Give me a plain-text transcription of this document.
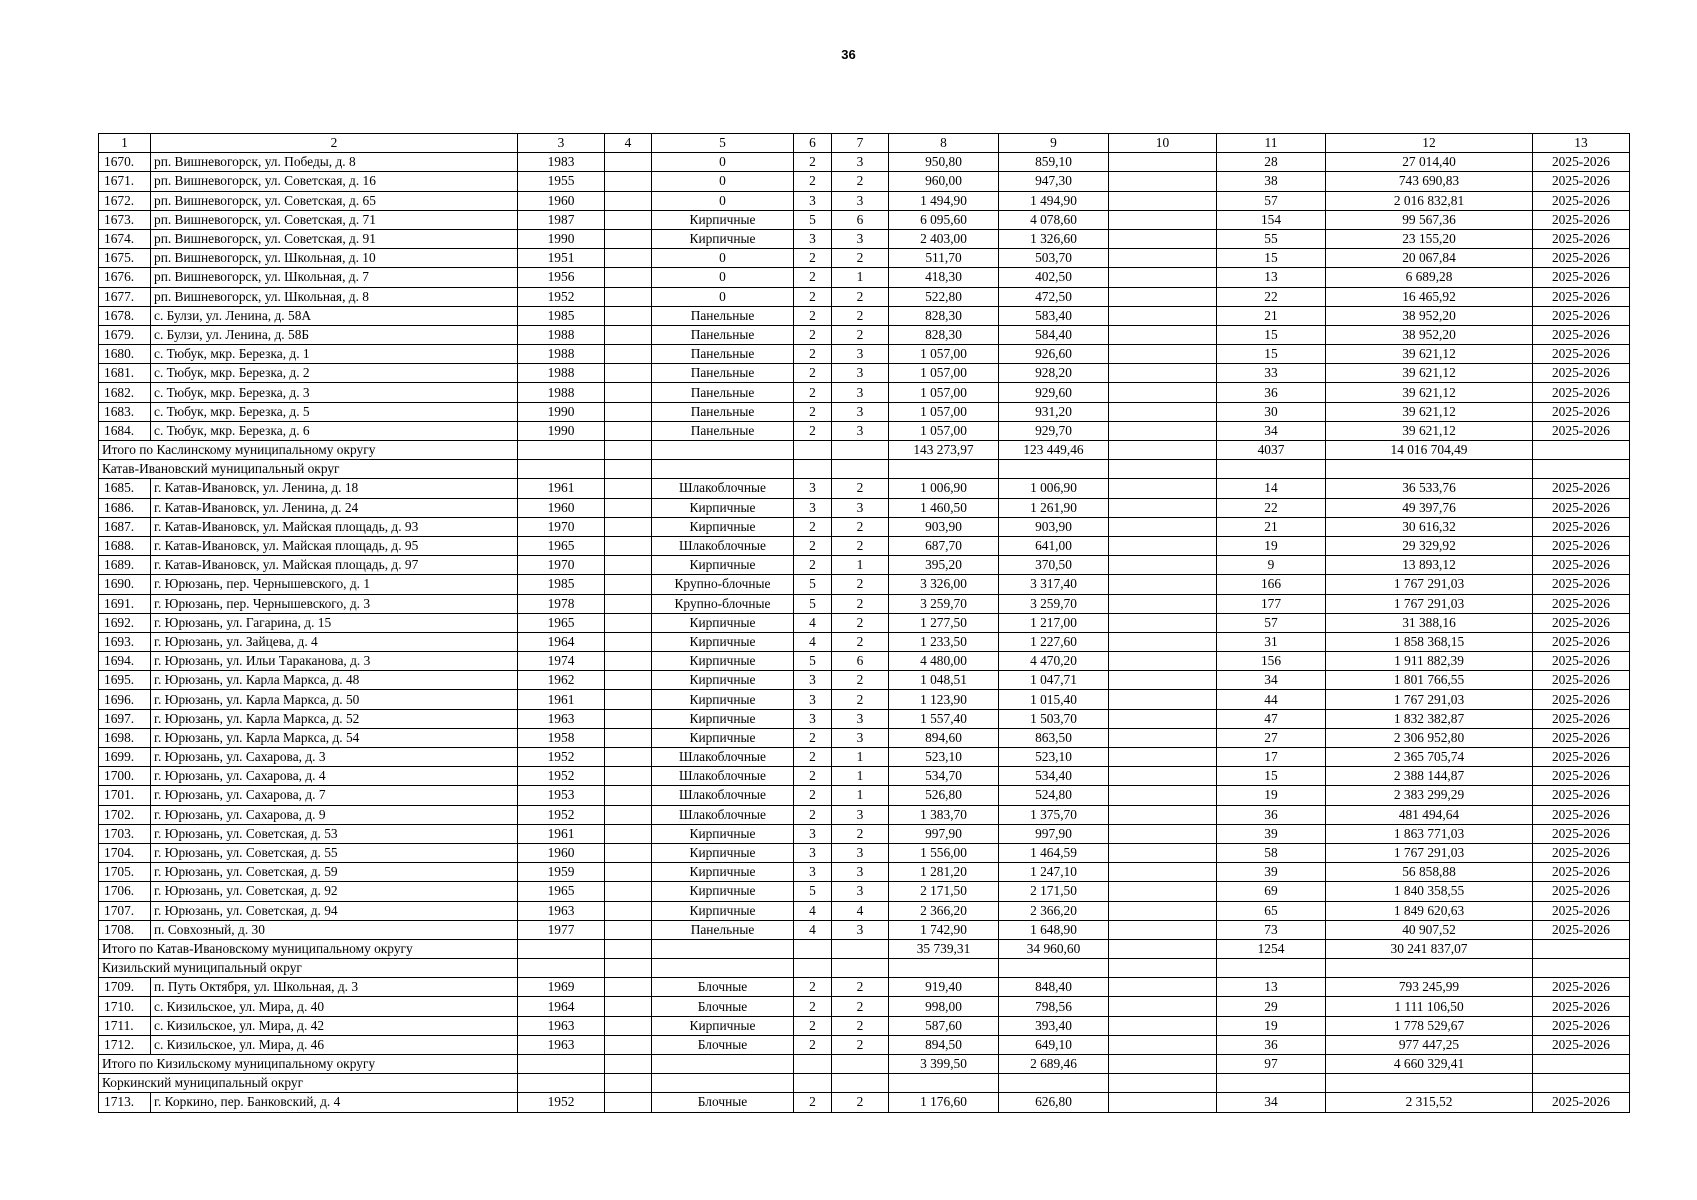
36
1	2	3	4	5	6	7	8	9	10	11	12	13
1670.	рп. Вишневогорск, ул. Победы, д. 8	1983		0	2	3	950,80	859,10		28	27 014,40	2025-2026
1671.	рп. Вишневогорск, ул. Советская, д. 16	1955		0	2	2	960,00	947,30		38	743 690,83	2025-2026
1672.	рп. Вишневогорск, ул. Советская, д. 65	1960		0	3	3	1 494,90	1 494,90		57	2 016 832,81	2025-2026
1673.	рп. Вишневогорск, ул. Советская, д. 71	1987		Кирпичные	5	6	6 095,60	4 078,60		154	99 567,36	2025-2026
1674.	рп. Вишневогорск, ул. Советская, д. 91	1990		Кирпичные	3	3	2 403,00	1 326,60		55	23 155,20	2025-2026
1675.	рп. Вишневогорск, ул. Школьная, д. 10	1951		0	2	2	511,70	503,70		15	20 067,84	2025-2026
1676.	рп. Вишневогорск, ул. Школьная, д. 7	1956		0	2	1	418,30	402,50		13	6 689,28	2025-2026
1677.	рп. Вишневогорск, ул. Школьная, д. 8	1952		0	2	2	522,80	472,50		22	16 465,92	2025-2026
1678.	с. Булзи, ул. Ленина, д. 58А	1985		Панельные	2	2	828,30	583,40		21	38 952,20	2025-2026
1679.	с. Булзи, ул. Ленина, д. 58Б	1988		Панельные	2	2	828,30	584,40		15	38 952,20	2025-2026
1680.	с. Тюбук, мкр. Березка, д. 1	1988		Панельные	2	3	1 057,00	926,60		15	39 621,12	2025-2026
1681.	с. Тюбук, мкр. Березка, д. 2	1988		Панельные	2	3	1 057,00	928,20		33	39 621,12	2025-2026
1682.	с. Тюбук, мкр. Березка, д. 3	1988		Панельные	2	3	1 057,00	929,60		36	39 621,12	2025-2026
1683.	с. Тюбук, мкр. Березка, д. 5	1990		Панельные	2	3	1 057,00	931,20		30	39 621,12	2025-2026
1684.	с. Тюбук, мкр. Березка, д. 6	1990		Панельные	2	3	1 057,00	929,70		34	39 621,12	2025-2026
Итого по Каслинскому муниципальному округу							143 273,97	123 449,46		4037	14 016 704,49	
Катав-Ивановский муниципальный округ												
1685.	г. Катав-Ивановск, ул. Ленина, д. 18	1961		Шлакоблочные	3	2	1 006,90	1 006,90		14	36 533,76	2025-2026
1686.	г. Катав-Ивановск, ул. Ленина, д. 24	1960		Кирпичные	3	3	1 460,50	1 261,90		22	49 397,76	2025-2026
1687.	г. Катав-Ивановск, ул. Майская площадь, д. 93	1970		Кирпичные	2	2	903,90	903,90		21	30 616,32	2025-2026
1688.	г. Катав-Ивановск, ул. Майская площадь, д. 95	1965		Шлакоблочные	2	2	687,70	641,00		19	29 329,92	2025-2026
1689.	г. Катав-Ивановск, ул. Майская площадь, д. 97	1970		Кирпичные	2	1	395,20	370,50		9	13 893,12	2025-2026
1690.	г. Юрюзань, пер. Чернышевского, д. 1	1985		Крупно-блочные	5	2	3 326,00	3 317,40		166	1 767 291,03	2025-2026
1691.	г. Юрюзань, пер. Чернышевского, д. 3	1978		Крупно-блочные	5	2	3 259,70	3 259,70		177	1 767 291,03	2025-2026
1692.	г. Юрюзань, ул. Гагарина, д. 15	1965		Кирпичные	4	2	1 277,50	1 217,00		57	31 388,16	2025-2026
1693.	г. Юрюзань, ул. Зайцева, д. 4	1964		Кирпичные	4	2	1 233,50	1 227,60		31	1 858 368,15	2025-2026
1694.	г. Юрюзань, ул. Ильи Тараканова, д. 3	1974		Кирпичные	5	6	4 480,00	4 470,20		156	1 911 882,39	2025-2026
1695.	г. Юрюзань, ул. Карла Маркса, д. 48	1962		Кирпичные	3	2	1 048,51	1 047,71		34	1 801 766,55	2025-2026
1696.	г. Юрюзань, ул. Карла Маркса, д. 50	1961		Кирпичные	3	2	1 123,90	1 015,40		44	1 767 291,03	2025-2026
1697.	г. Юрюзань, ул. Карла Маркса, д. 52	1963		Кирпичные	3	3	1 557,40	1 503,70		47	1 832 382,87	2025-2026
1698.	г. Юрюзань, ул. Карла Маркса, д. 54	1958		Кирпичные	2	3	894,60	863,50		27	2 306 952,80	2025-2026
1699.	г. Юрюзань, ул. Сахарова, д. 3	1952		Шлакоблочные	2	1	523,10	523,10		17	2 365 705,74	2025-2026
1700.	г. Юрюзань, ул. Сахарова, д. 4	1952		Шлакоблочные	2	1	534,70	534,40		15	2 388 144,87	2025-2026
1701.	г. Юрюзань, ул. Сахарова, д. 7	1953		Шлакоблочные	2	1	526,80	524,80		19	2 383 299,29	2025-2026
1702.	г. Юрюзань, ул. Сахарова, д. 9	1952		Шлакоблочные	2	3	1 383,70	1 375,70		36	481 494,64	2025-2026
1703.	г. Юрюзань, ул. Советская, д. 53	1961		Кирпичные	3	2	997,90	997,90		39	1 863 771,03	2025-2026
1704.	г. Юрюзань, ул. Советская, д. 55	1960		Кирпичные	3	3	1 556,00	1 464,59		58	1 767 291,03	2025-2026
1705.	г. Юрюзань, ул. Советская, д. 59	1959		Кирпичные	3	3	1 281,20	1 247,10		39	56 858,88	2025-2026
1706.	г. Юрюзань, ул. Советская, д. 92	1965		Кирпичные	5	3	2 171,50	2 171,50		69	1 840 358,55	2025-2026
1707.	г. Юрюзань, ул. Советская, д. 94	1963		Кирпичные	4	4	2 366,20	2 366,20		65	1 849 620,63	2025-2026
1708.	п. Совхозный, д. 30	1977		Панельные	4	3	1 742,90	1 648,90		73	40 907,52	2025-2026
Итого по Катав-Ивановскому муниципальному округу							35 739,31	34 960,60		1254	30 241 837,07	
Кизильский муниципальный округ												
1709.	п. Путь Октября, ул. Школьная, д. 3	1969		Блочные	2	2	919,40	848,40		13	793 245,99	2025-2026
1710.	с. Кизильское, ул. Мира, д. 40	1964		Блочные	2	2	998,00	798,56		29	1 111 106,50	2025-2026
1711.	с. Кизильское, ул. Мира, д. 42	1963		Кирпичные	2	2	587,60	393,40		19	1 778 529,67	2025-2026
1712.	с. Кизильское, ул. Мира, д. 46	1963		Блочные	2	2	894,50	649,10		36	977 447,25	2025-2026
Итого по Кизильскому муниципальному округу							3 399,50	2 689,46		97	4 660 329,41	
Коркинский муниципальный округ												
1713.	г. Коркино, пер. Банковский, д. 4	1952		Блочные	2	2	1 176,60	626,80		34	2 315,52	2025-2026
